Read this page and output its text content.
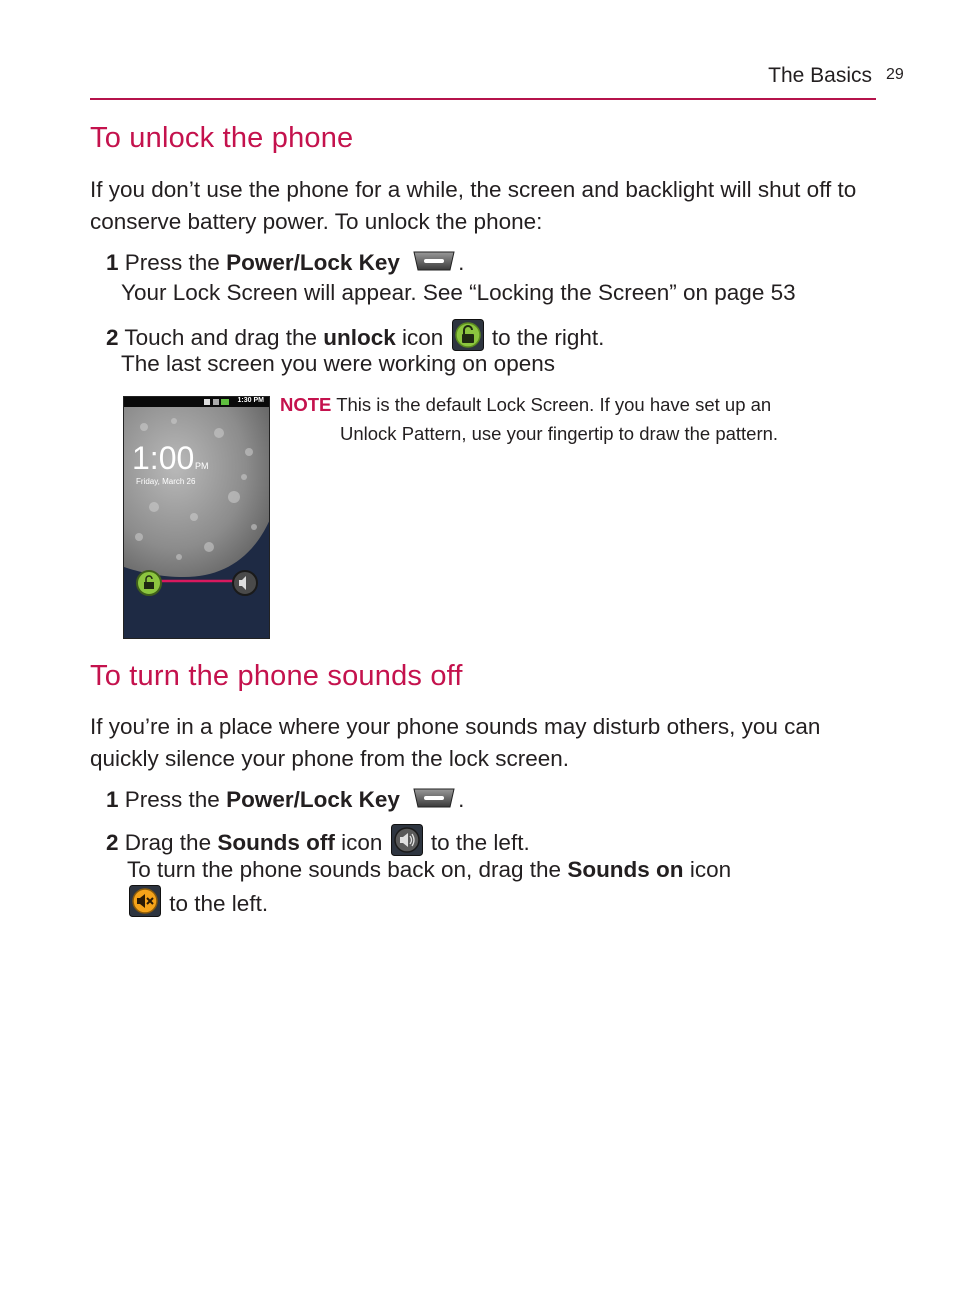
The Basics 29
To unlock the phone

If you don’t use the phone for a while, the screen and backlight will shut off to conserve battery power. To unlock the phone:

1 Press the Power/Lock Key	.
Your Lock Screen will appear. See “Locking the Screen” on page 53
2 Touch and drag the unlock icon to the right.
The last screen you were working on opens
1:30 PM
1:00 PM
Friday, March 26
NOTE This is the default Lock Screen. If you have set up an
Unlock Pattern, use your fingertip to draw the pattern.
To turn the phone sounds off

If you’re in a place where your phone sounds may disturb others, you can quickly silence your phone from the lock screen.

1 Press the Power/Lock Key	.
2 Drag the Sounds off icon to the left.
To turn the phone sounds back on, drag the Sounds on icon
to the left.
